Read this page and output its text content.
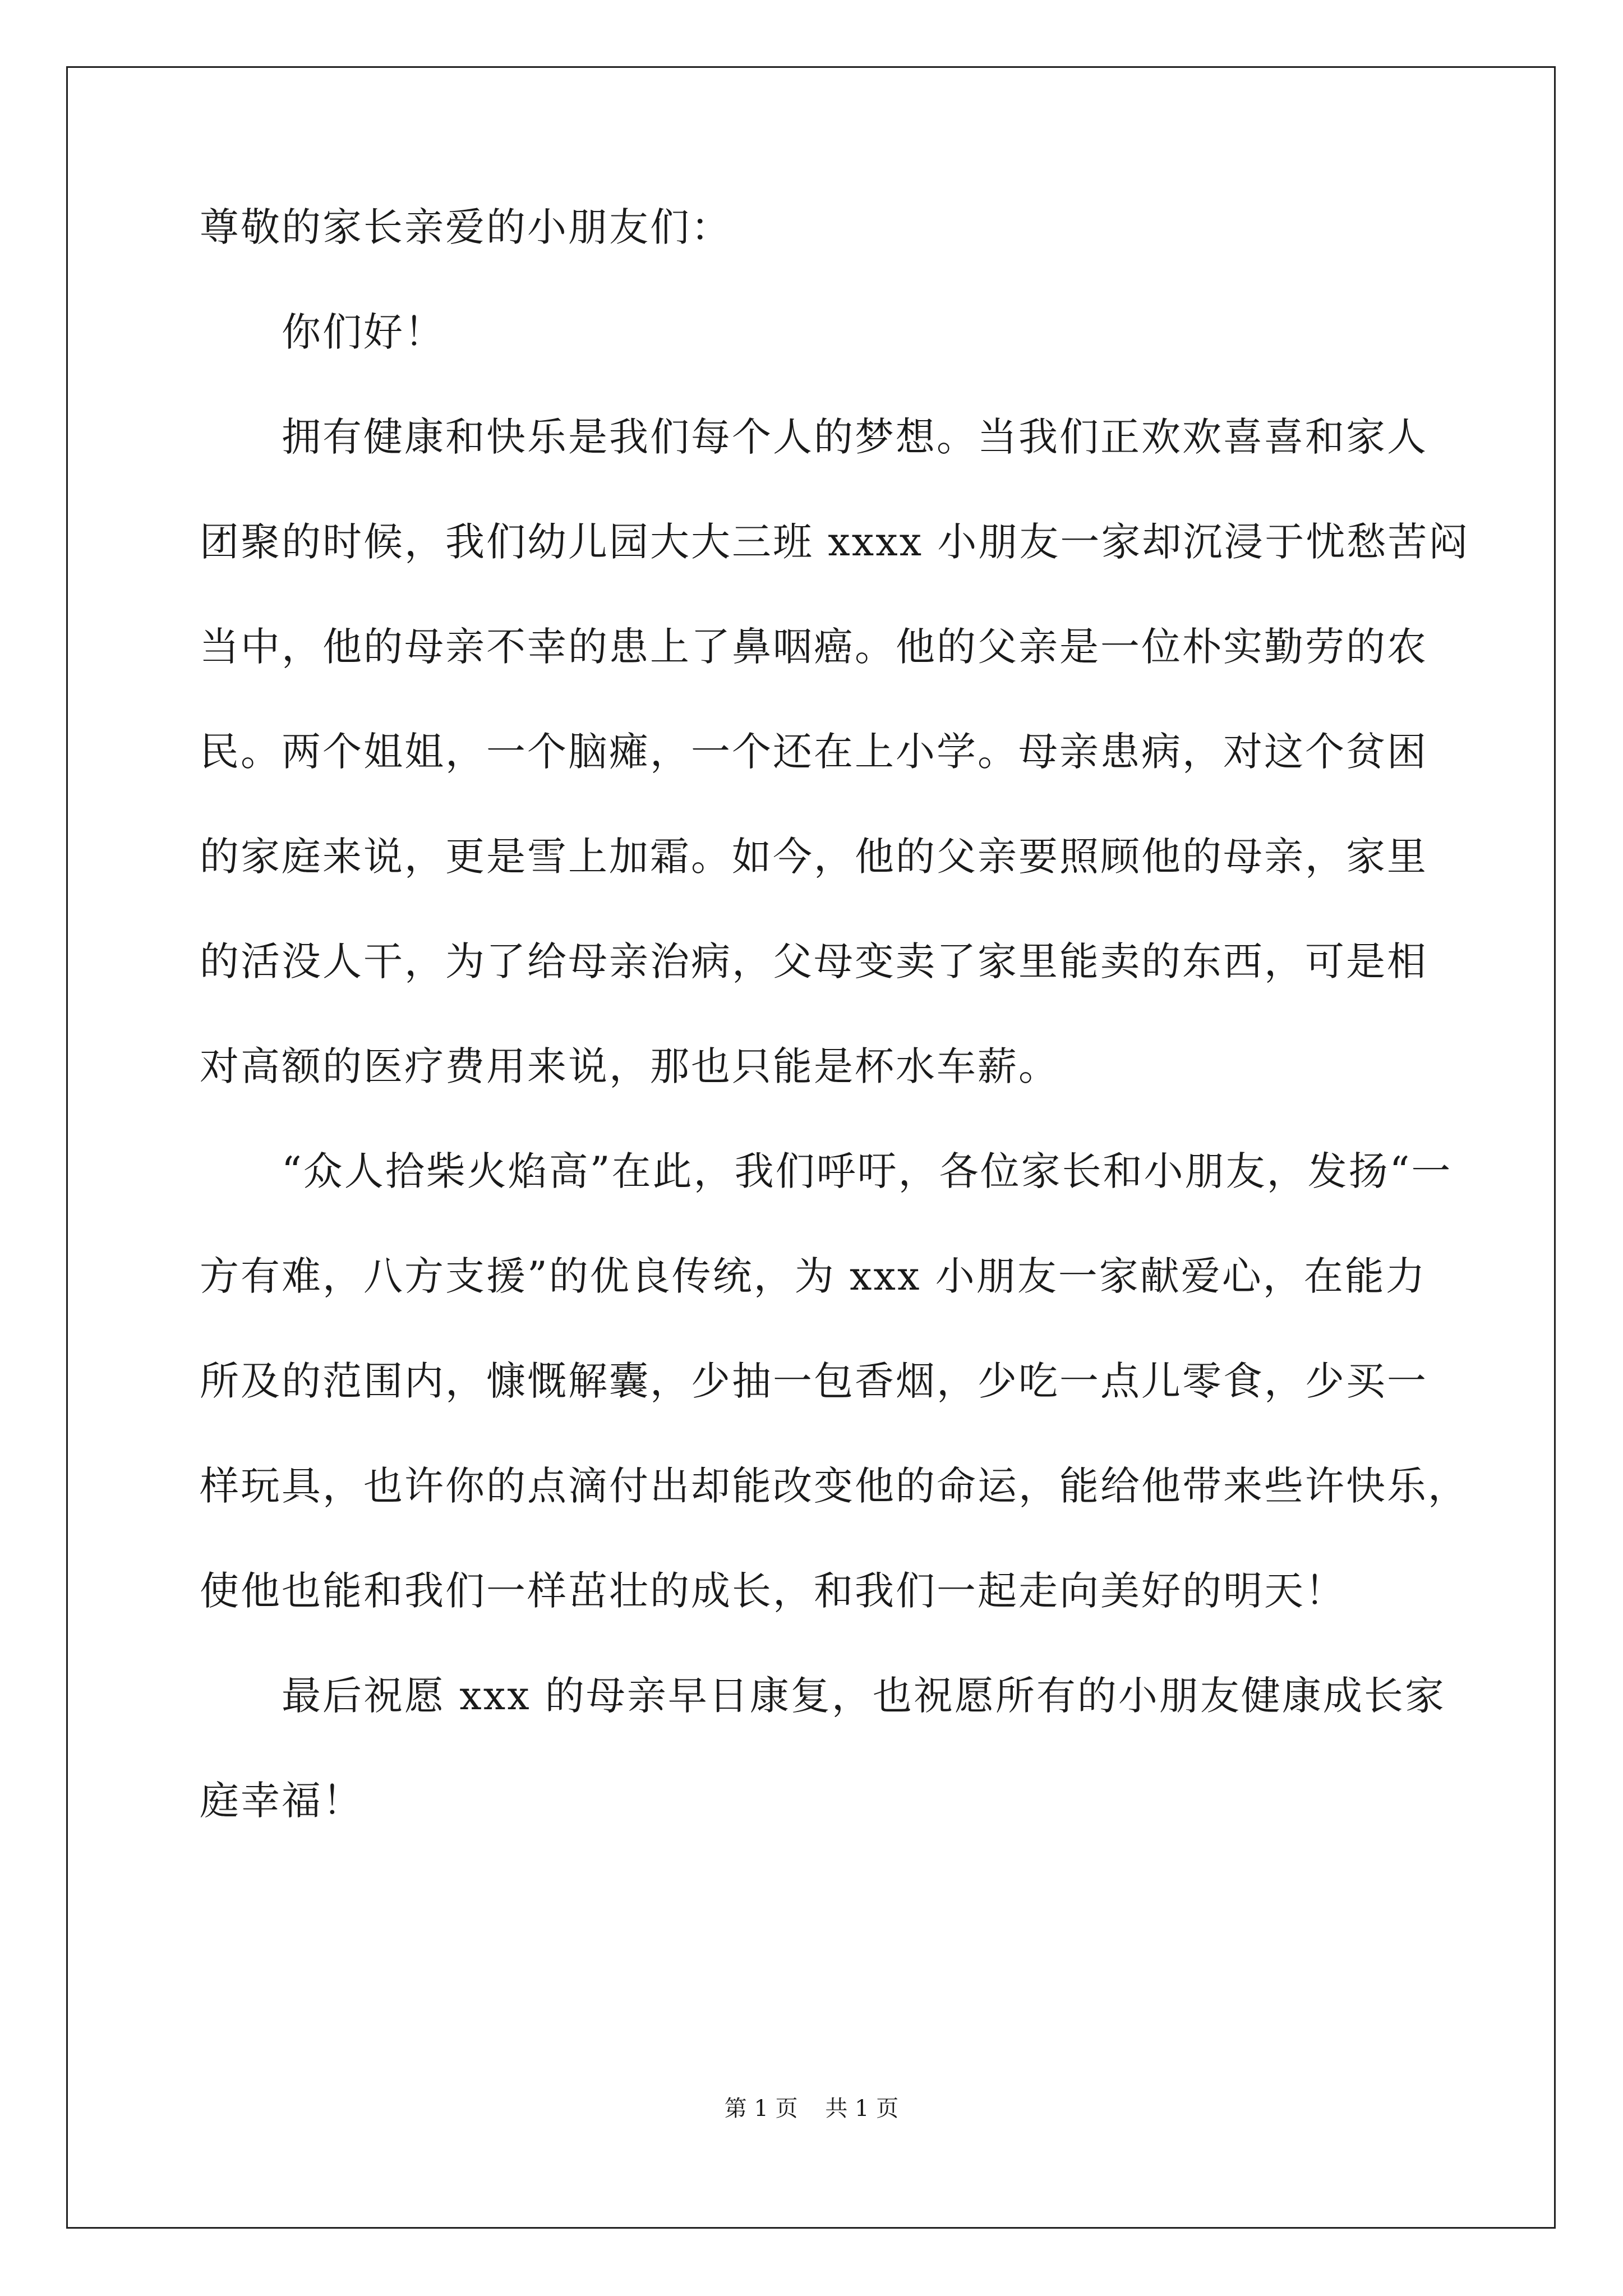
尊敬的家长亲爱的小朋友们：
你们好！
拥有健康和快乐是我们每个人的梦想。当我们正欢欢喜喜和家人
团聚的时候，我们幼儿园大大三班 xxxx 小朋友一家却沉浸于忧愁苦闷
当中，他的母亲不幸的患上了鼻咽癌。他的父亲是一位朴实勤劳的农
民。两个姐姐，一个脑瘫，一个还在上小学。母亲患病，对这个贫困
的家庭来说，更是雪上加霜。如今，他的父亲要照顾他的母亲，家里
的活没人干，为了给母亲治病，父母变卖了家里能卖的东西，可是相
对高额的医疗费用来说，那也只能是杯水车薪。
“众人拾柴火焰高”在此，我们呼吁，各位家长和小朋友，发扬“一
方有难，八方支援”的优良传统，为 xxx 小朋友一家献爱心，在能力
所及的范围内，慷慨解囊，少抽一包香烟，少吃一点儿零食，少买一
样玩具，也许你的点滴付出却能改变他的命运，能给他带来些许快乐，
使他也能和我们一样茁壮的成长，和我们一起走向美好的明天！
最后祝愿 xxx 的母亲早日康复，也祝愿所有的小朋友健康成长家
庭幸福！
第 1 页 共 1 页
